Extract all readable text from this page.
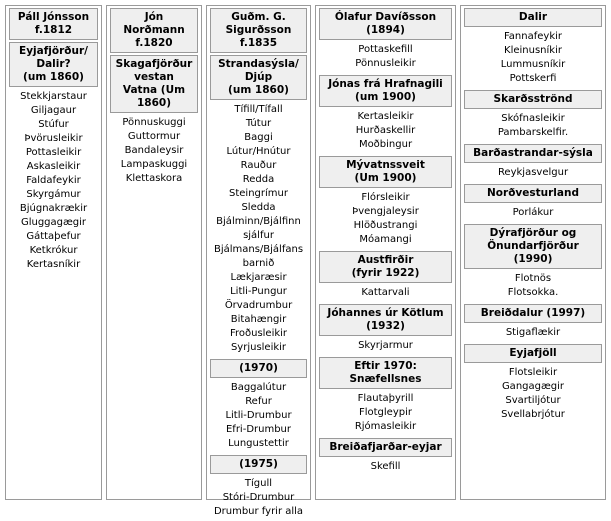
Páll Jónsson
f.1812
Eyjafjörður/
Dalir?
(um 1860)
Stekkjarstaur
Giljagaur
Stúfur
Þvörusleikir
Pottasleikir
Askasleikir
Faldafeykir
Skyrgámur
Bjúgnakrækir
Gluggagægir
Gáttaþefur
Ketkrókur
Kertasníkir
Jón
Norðmann
f.1820
Skagafjörður
vestan
Vatna (Um
1860)
Pönnuskuggi
Guttormur
Bandaleysir
Lampaskuggi
Klettaskora
Guðm. G.
Sigurðsson
f.1835
Strandasýsla/
Djúp
(um 1860)
Tífill/Tífall
Tútur
Baggi
Lútur/Hnútur
Rauður
Redda
Steingrímur
Sledda
Bjálminn/Bjálfinn
sjálfur
Bjálmans/Bjálfans
barnið
Lækjaræsir
Litli-Pungur
Örvadrumbur
Bitahængir
Froðusleikir
Syrjusleikir
(1970)
Baggalútur
Refur
Litli-Drumbur
Efri-Drumbur
Lungustettir
(1975)
Tígull
Stóri-Drumbur
Drumbur fyrir alla
Ólafur Davíðsson
(1894)
Pottaskefill
Pönnusleikir
Jónas frá Hrafnagili
(um 1900)
Kertasleikir
Hurðaskellir
Moðbingur
Mývatnssveit
(Um 1900)
Flórsleikir
Þvengjaleysir
Hlöðustrangi
Móamangi
Austfirðir
(fyrir 1922)
Kattarvali
Jóhannes úr Kötlum
(1932)
Skyrjarmur
Eftir 1970:
Snæfellsnes
Flautaþyrill
Flotgleypir
Rjómasleikir
Breiðafjarðar-eyjar
Skefill
Dalir
Fannafeykir
Kleinusníkir
Lummusníkir
Pottskerfi
Skarðsströnd
Skófnasleikir
Pambarskelfir.
Barðastrandar-sýsla
Reykjasvelgur
Norðvesturland
Porlákur
Dýrafjörður og
Önundarfjörður
(1990)
Flotnös
Flotsokka.
Breiðdalur (1997)
Stigaflækir
Eyjafjöll
Flotsleikir
Gangagægir
Svartiljótur
Svellabrjótur
